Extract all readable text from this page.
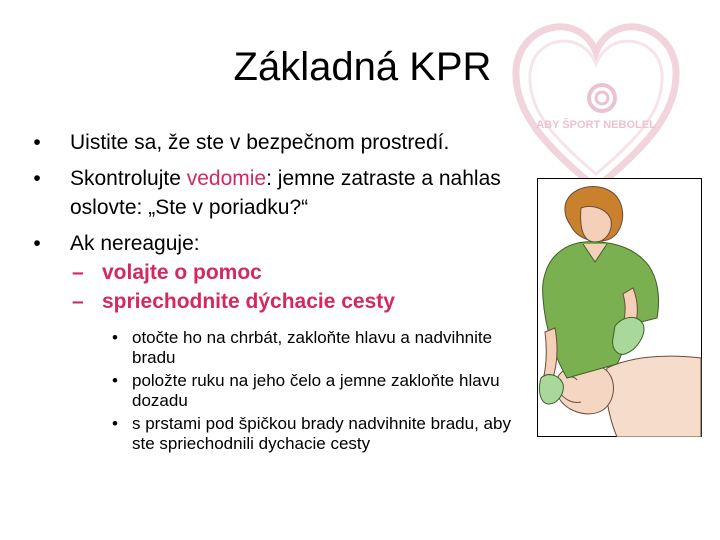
Základná KPR
ABY ŠPORT NEBOLEL
•	Uistite sa, že ste v bezpečnom prostredí.
•	Skontrolujte vedomie: jemne zatraste a nahlas oslovte: „Ste v poriadku?“
•	Ak nereaguje:
– volajte o pomoc
– spriechodnite dýchacie cesty
• otočte ho na chrbát, zakloňte hlavu a nadvihnite bradu
• položte ruku na jeho čelo a jemne zakloňte hlavu dozadu
• s prstami pod špičkou brady nadvihnite bradu, aby ste spriechodnili dychacie cesty
